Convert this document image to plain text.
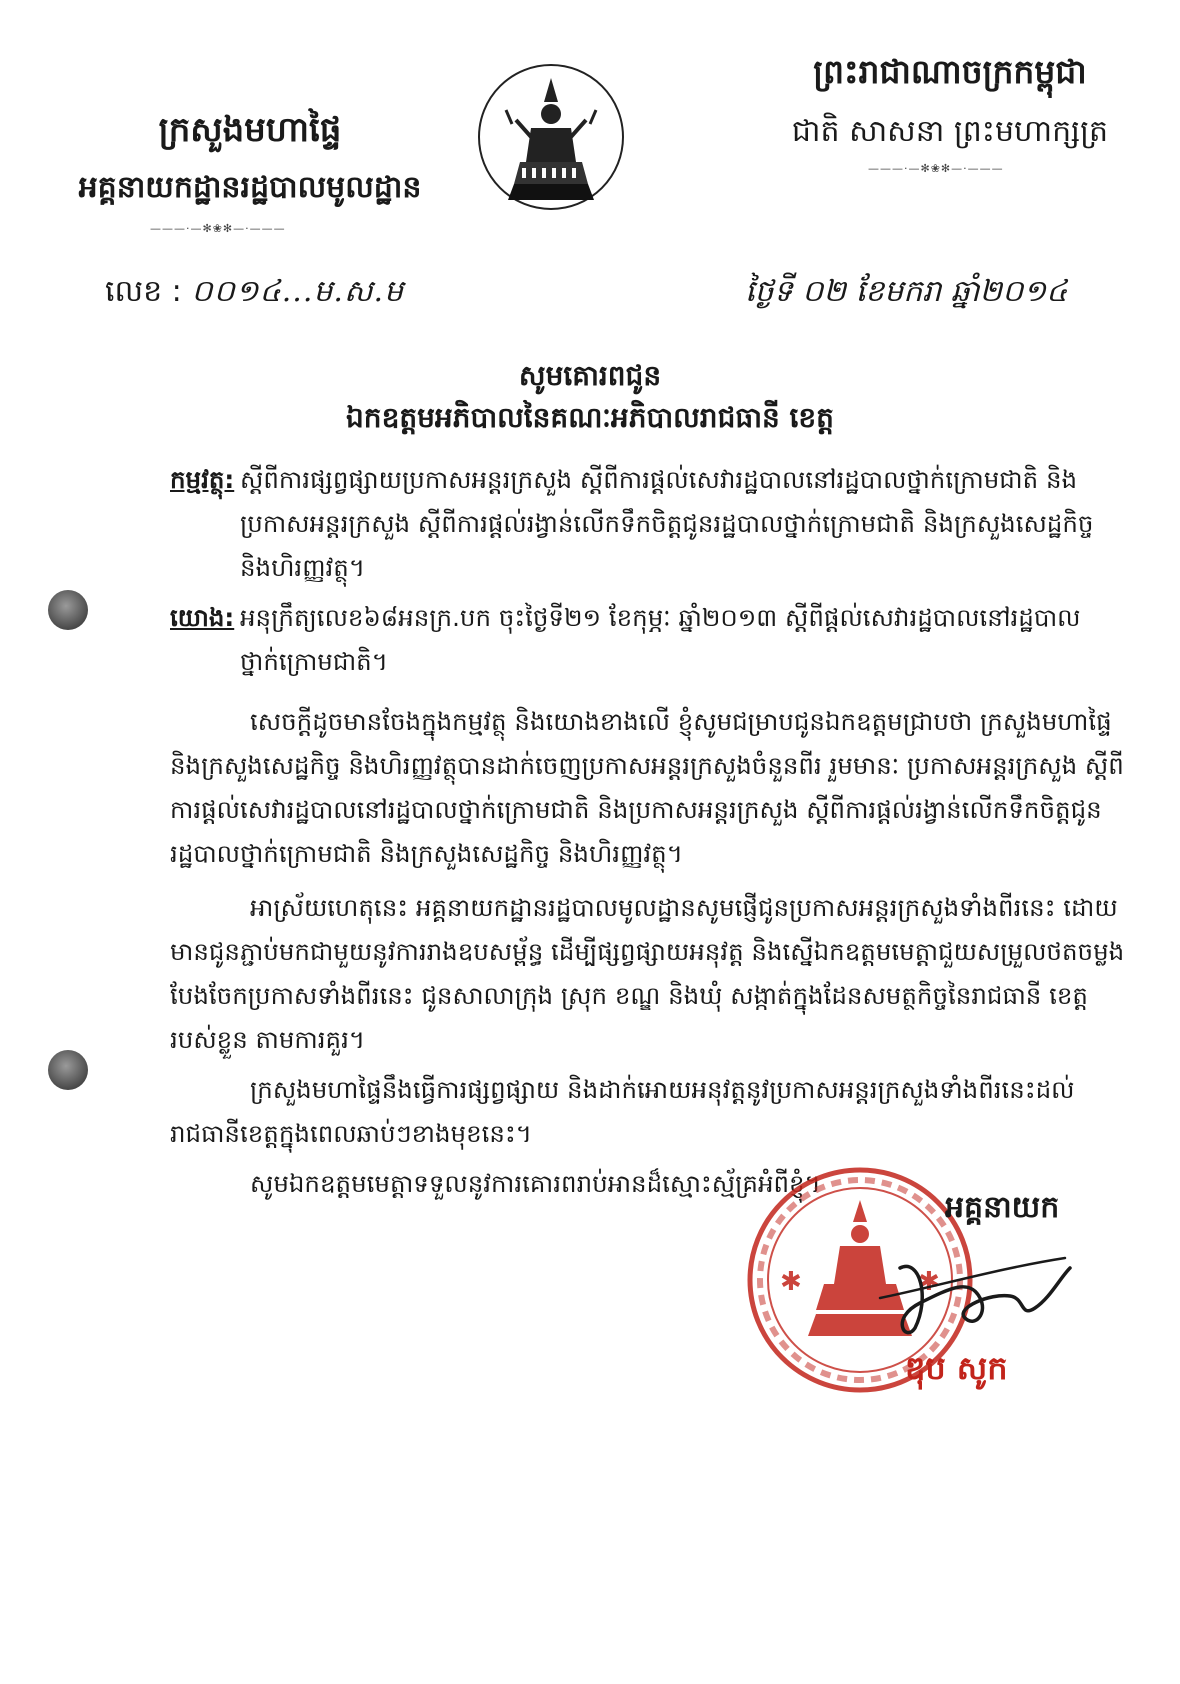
ព្រះរាជាណាចក្រកម្ពុជា
ជាតិ សាសនា ព្រះមហាក្សត្រ
———·—✻❀✻—·———
ក្រសួងមហាផ្ទៃ
អគ្គនាយកដ្ឋានរដ្ឋបាលមូលដ្ឋាន
———·—✻❀✻—·———
លេខ : ០០១៤...ម.ស.ម	ថ្ងៃទី ០២ ខែមករា ឆ្នាំ២០១៤
សូមគោរពជូន
ឯកឧត្តមអភិបាលនៃគណៈអភិបាលរាជធានី ខេត្ត
កម្មវត្ថុ: ស្តីពីការផ្សព្វផ្សាយប្រកាសអន្តរក្រសួង ស្តីពីការផ្តល់សេវារដ្ឋបាលនៅរដ្ឋបាលថ្នាក់ក្រោមជាតិ និង
ប្រកាសអន្តរក្រសួង ស្តីពីការផ្តល់រង្វាន់លើកទឹកចិត្តជូនរដ្ឋបាលថ្នាក់ក្រោមជាតិ និងក្រសួងសេដ្ឋកិច្ច
និងហិរញ្ញវត្ថុ។
យោង: អនុក្រឹត្យលេខ៦៨អនក្រ.បក ចុះថ្ងៃទី២១ ខែកុម្ភៈ ឆ្នាំ២០១៣ ស្តីពីផ្តល់សេវារដ្ឋបាលនៅរដ្ឋបាល
ថ្នាក់ក្រោមជាតិ។
សេចក្តីដូចមានចែងក្នុងកម្មវត្ថុ និងយោងខាងលើ ខ្ញុំសូមជម្រាបជូនឯកឧត្តមជ្រាបថា ក្រសួងមហាផ្ទៃ
និងក្រសួងសេដ្ឋកិច្ច និងហិរញ្ញវត្ថុបានដាក់ចេញប្រកាសអន្តរក្រសួងចំនួនពីរ រួមមានៈ ប្រកាសអន្តរក្រសួង ស្តីពី
ការផ្តល់សេវារដ្ឋបាលនៅរដ្ឋបាលថ្នាក់ក្រោមជាតិ និងប្រកាសអន្តរក្រសួង ស្តីពីការផ្តល់រង្វាន់លើកទឹកចិត្តជូន
រដ្ឋបាលថ្នាក់ក្រោមជាតិ និងក្រសួងសេដ្ឋកិច្ច និងហិរញ្ញវត្ថុ។
អាស្រ័យហេតុនេះ អគ្គនាយកដ្ឋានរដ្ឋបាលមូលដ្ឋានសូមផ្ញើជូនប្រកាសអន្តរក្រសួងទាំងពីរនេះ ដោយ
មានជូនភ្ជាប់មកជាមួយនូវការរាងឧបសម្ព័ន្ធ ដើម្បីផ្សព្វផ្សាយអនុវត្ត និងស្នើឯកឧត្តមមេត្តាជួយសម្រួលថតចម្លង
បែងចែកប្រកាសទាំងពីរនេះ ជូនសាលាក្រុង ស្រុក ខណ្ឌ និងឃុំ សង្កាត់ក្នុងដែនសមត្ថកិច្ចនៃរាជធានី ខេត្ត
របស់ខ្លួន តាមការគួរ។
ក្រសួងមហាផ្ទៃនឹងធ្វើការផ្សព្វផ្សាយ និងដាក់អោយអនុវត្តនូវប្រកាសអន្តរក្រសួងទាំងពីរនេះដល់
រាជធានីខេត្តក្នុងពេលឆាប់ៗខាងមុខនេះ។
សូមឯកឧត្តមមេត្តាទទួលនូវការគោរពរាប់អានដ៏ស្មោះស្ម័គ្រអំពីខ្ញុំ។
✱	✱
អគ្គនាយក
ឌុប សូក
